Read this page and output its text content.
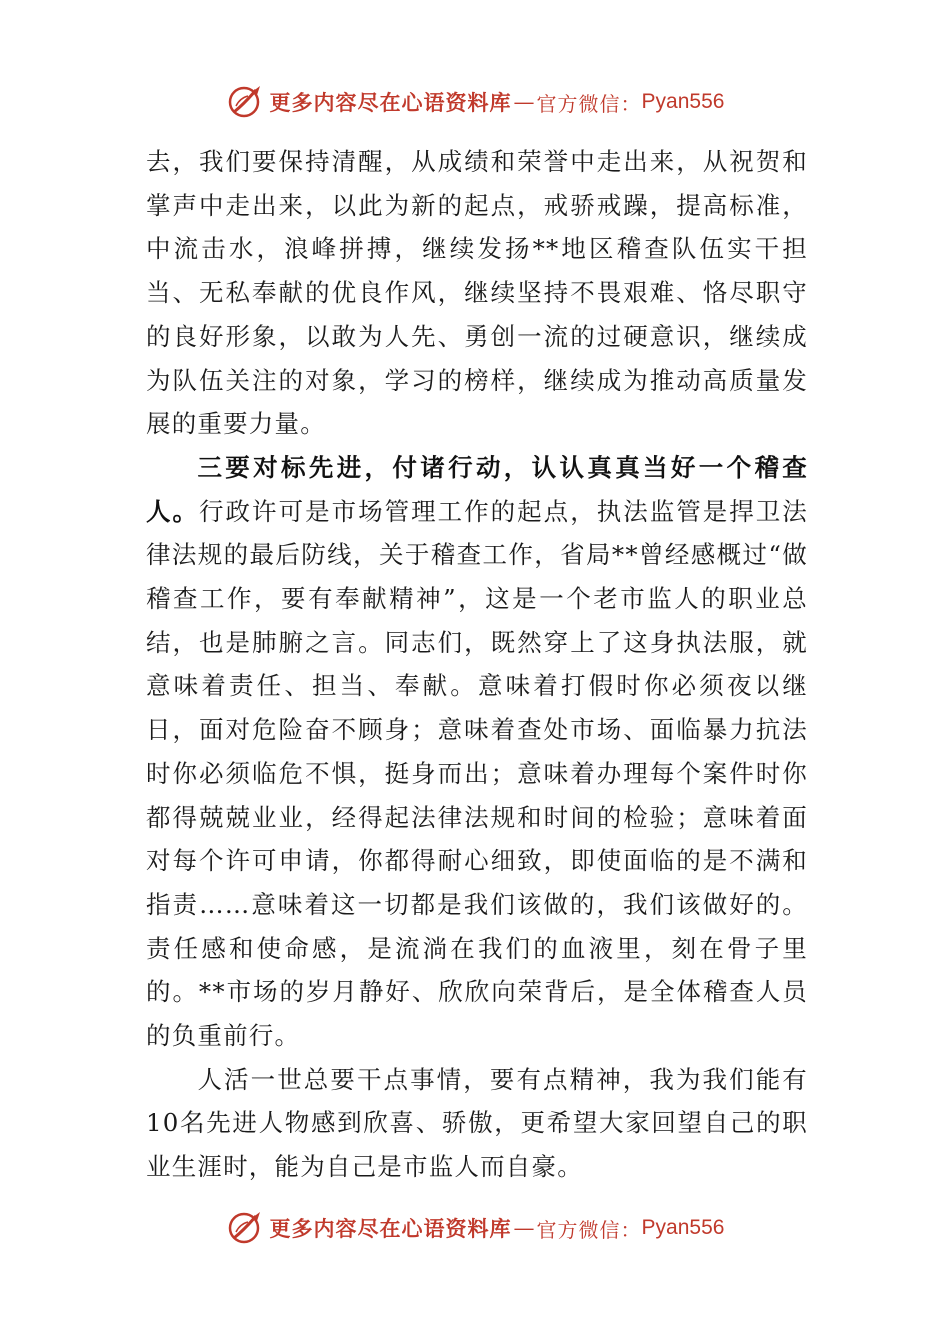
更多内容尽在心语资料库 — 官方微信： Pyan556

去，我们要保持清醒，从成绩和荣誉中走出来，从祝贺和掌声中走出来，以此为新的起点，戒骄戒躁，提高标准，中流击水，浪峰拼搏，继续发扬**地区稽查队伍实干担当、无私奉献的优良作风，继续坚持不畏艰难、恪尽职守的良好形象，以敢为人先、勇创一流的过硬意识，继续成为队伍关注的对象，学习的榜样，继续成为推动高质量发展的重要力量。

三要对标先进，付诸行动，认认真真当好一个稽查人。行政许可是市场管理工作的起点，执法监管是捍卫法律法规的最后防线，关于稽查工作，省局**曾经感概过“做稽查工作，要有奉献精神”，这是一个老市监人的职业总结，也是肺腑之言。同志们，既然穿上了这身执法服，就意味着责任、担当、奉献。意味着打假时你必须夜以继日，面对危险奋不顾身；意味着查处市场、面临暴力抗法时你必须临危不惧，挺身而出；意味着办理每个案件时你都得兢兢业业，经得起法律法规和时间的检验；意味着面对每个许可申请，你都得耐心细致，即使面临的是不满和指责……意味着这一切都是我们该做的，我们该做好的。责任感和使命感，是流淌在我们的血液里，刻在骨子里的。**市场的岁月静好、欣欣向荣背后，是全体稽查人员的负重前行。

人活一世总要干点事情，要有点精神，我为我们能有10名先进人物感到欣喜、骄傲，更希望大家回望自己的职业生涯时，能为自己是市监人而自豪。

更多内容尽在心语资料库 — 官方微信： Pyan556
